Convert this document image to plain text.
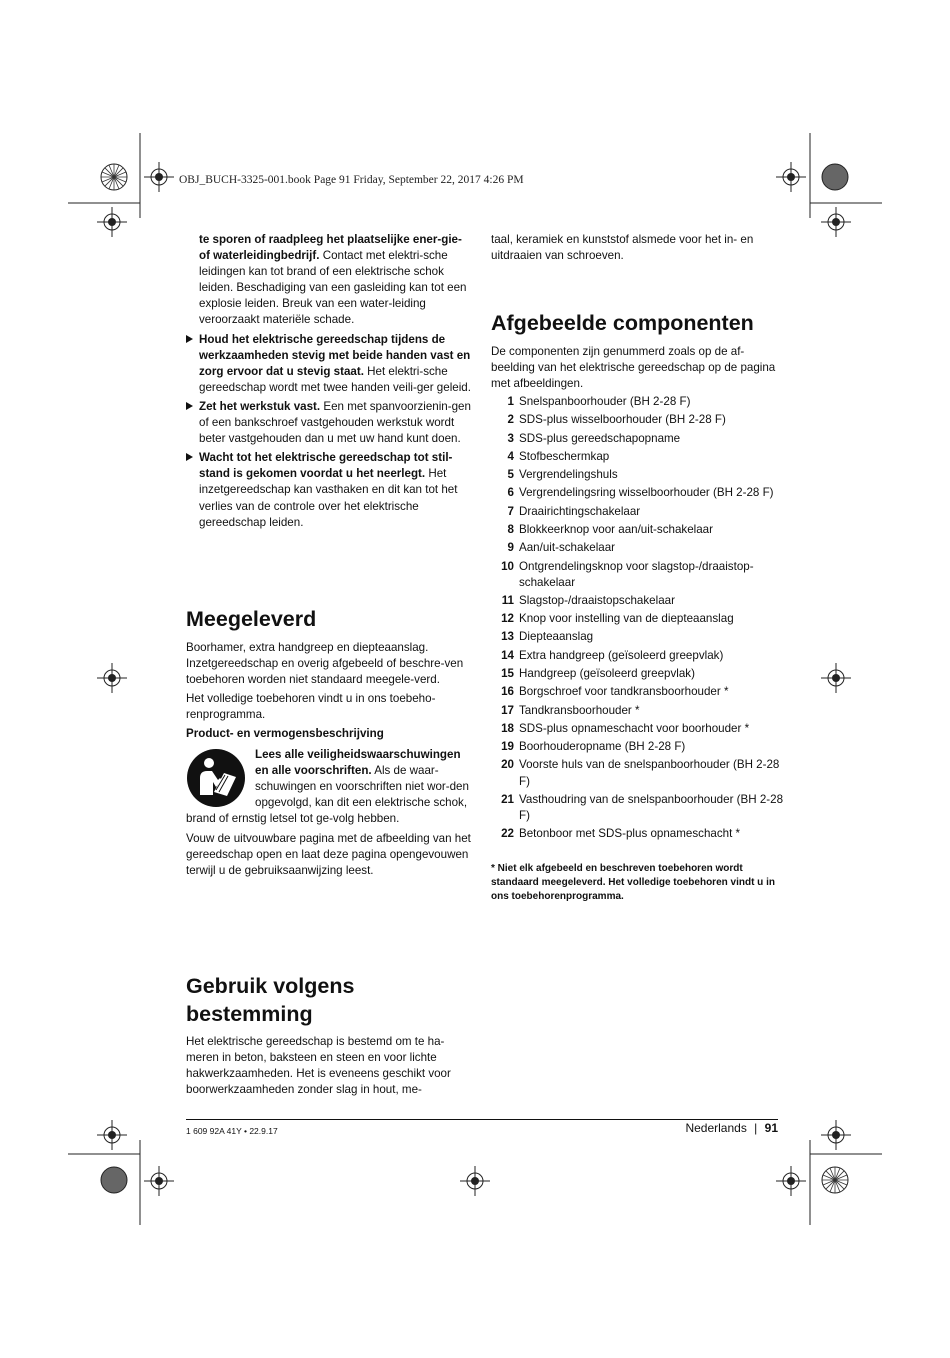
OBJ_BUCH-3325-001.book Page 91 Friday, September 22, 2017 4:26 PM

te sporen of raadpleeg het plaatselijke ener-gie- of waterleidingbedrijf. Contact met elektri-sche leidingen kan tot brand of een elektrische schok leiden. Beschadiging van een gasleiding kan tot een explosie leiden. Breuk van een water-leiding veroorzaakt materiële schade.

Houd het elektrische gereedschap tijdens de werkzaamheden stevig met beide handen vast en zorg ervoor dat u stevig staat. Het elektri-sche gereedschap wordt met twee handen veili-ger geleid.
Zet het werkstuk vast. Een met spanvoorzienin-gen of een bankschroef vastgehouden werkstuk wordt beter vastgehouden dan u met uw hand kunt doen.
Wacht tot het elektrische gereedschap tot stil-stand is gekomen voordat u het neerlegt. Het inzetgereedschap kan vasthaken en dit kan tot het verlies van de controle over het elektrische gereedschap leiden.
Meegeleverd

Boorhamer, extra handgreep en diepteaanslag. Inzetgereedschap en overig afgebeeld of beschre-ven toebehoren worden niet standaard meegele-verd.

Het volledige toebehoren vindt u in ons toebeho-renprogramma.

Product- en vermogensbeschrijving

Lees alle veiligheidswaarschuwingen en alle voorschriften. Als de waar-schuwingen en voorschriften niet wor-den opgevolgd, kan dit een elektrische schok, brand of ernstig letsel tot ge-volg hebben.

Vouw de uitvouwbare pagina met de afbeelding van het gereedschap open en laat deze pagina opengevouwen terwijl u de gebruiksaanwijzing leest.

Gebruik volgens
bestemming
Het elektrische gereedschap is bestemd om te ha-meren in beton, baksteen en steen en voor lichte hakwerkzaamheden. Het is eveneens geschikt voor boorwerkzaamheden zonder slag in hout, me-
taal, keramiek en kunststof alsmede voor het in- en uitdraaien van schroeven.
Afgebeelde componenten
De componenten zijn genummerd zoals op de af-beelding van het elektrische gereedschap op de pagina met afbeeldingen.
1 Snelspanboorhouder (BH 2-28 F)
2 SDS-plus wisselboorhouder (BH 2-28 F)
3 SDS-plus gereedschapopname
4 Stofbeschermkap
5 Vergrendelingshuls
6 Vergrendelingsring wisselboorhouder (BH 2-28 F)
7 Draairichtingschakelaar
8 Blokkeerknop voor aan/uit-schakelaar
9 Aan/uit-schakelaar
10 Ontgrendelingsknop voor slagstop-/draaistop-schakelaar
11 Slagstop-/draaistopschakelaar
12 Knop voor instelling van de diepteaanslag
13 Diepteaanslag
14 Extra handgreep (geïsoleerd greepvlak)
15 Handgreep (geïsoleerd greepvlak)
16 Borgschroef voor tandkransboorhouder *
17 Tandkransboorhouder *
18 SDS-plus opnameschacht voor boorhouder *
19 Boorhouderopname (BH 2-28 F)
20 Voorste huls van de snelspanboorhouder (BH 2-28 F)
21 Vasthoudring van de snelspanboorhouder (BH 2-28 F)
22 Betonboor met SDS-plus opnameschacht *
* Niet elk afgebeeld en beschreven toebehoren wordt standaard meegeleverd. Het volledige toebehoren vindt u in ons toebehorenprogramma.
1 609 92A 41Y • 22.9.17	Nederlands | 91
